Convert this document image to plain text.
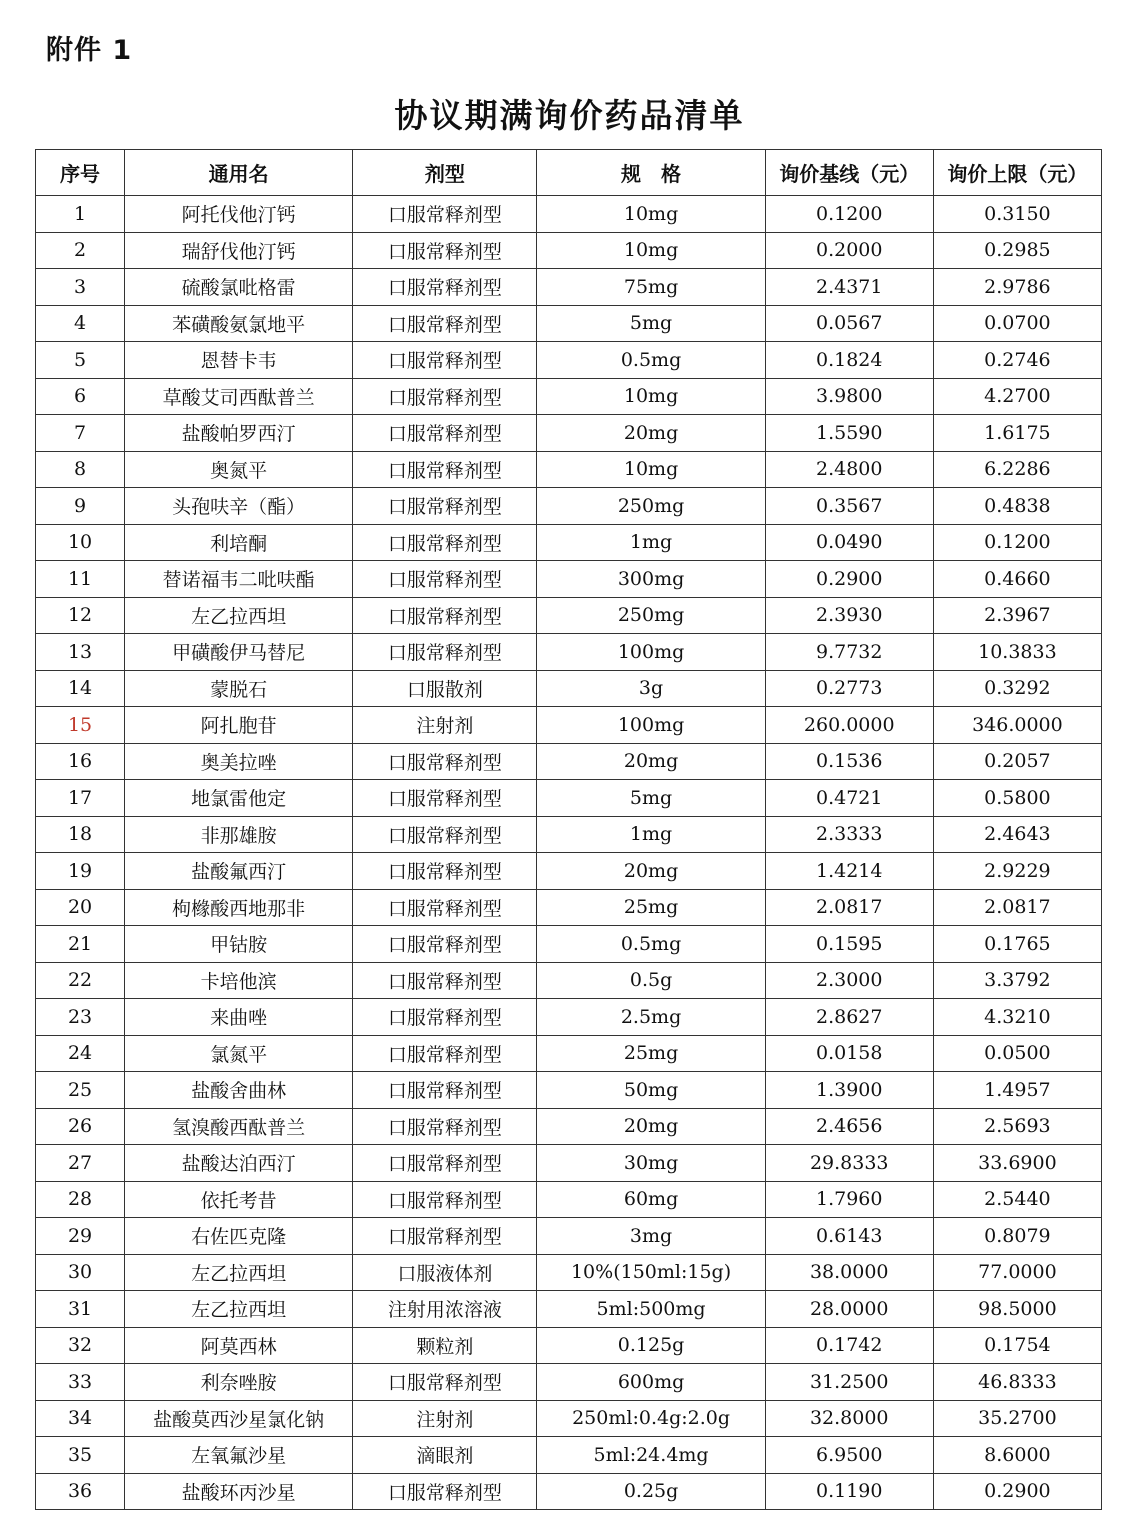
附件 1
协议期满询价药品清单
序号	通用名	剂型	规　格	询价基线（元）	询价上限（元）
1	阿托伐他汀钙	口服常释剂型	10mg	0.1200	0.3150
2	瑞舒伐他汀钙	口服常释剂型	10mg	0.2000	0.2985
3	硫酸氯吡格雷	口服常释剂型	75mg	2.4371	2.9786
4	苯磺酸氨氯地平	口服常释剂型	5mg	0.0567	0.0700
5	恩替卡韦	口服常释剂型	0.5mg	0.1824	0.2746
6	草酸艾司西酞普兰	口服常释剂型	10mg	3.9800	4.2700
7	盐酸帕罗西汀	口服常释剂型	20mg	1.5590	1.6175
8	奥氮平	口服常释剂型	10mg	2.4800	6.2286
9	头孢呋辛（酯）	口服常释剂型	250mg	0.3567	0.4838
10	利培酮	口服常释剂型	1mg	0.0490	0.1200
11	替诺福韦二吡呋酯	口服常释剂型	300mg	0.2900	0.4660
12	左乙拉西坦	口服常释剂型	250mg	2.3930	2.3967
13	甲磺酸伊马替尼	口服常释剂型	100mg	9.7732	10.3833
14	蒙脱石	口服散剂	3g	0.2773	0.3292
15	阿扎胞苷	注射剂	100mg	260.0000	346.0000
16	奥美拉唑	口服常释剂型	20mg	0.1536	0.2057
17	地氯雷他定	口服常释剂型	5mg	0.4721	0.5800
18	非那雄胺	口服常释剂型	1mg	2.3333	2.4643
19	盐酸氟西汀	口服常释剂型	20mg	1.4214	2.9229
20	枸橼酸西地那非	口服常释剂型	25mg	2.0817	2.0817
21	甲钴胺	口服常释剂型	0.5mg	0.1595	0.1765
22	卡培他滨	口服常释剂型	0.5g	2.3000	3.3792
23	来曲唑	口服常释剂型	2.5mg	2.8627	4.3210
24	氯氮平	口服常释剂型	25mg	0.0158	0.0500
25	盐酸舍曲林	口服常释剂型	50mg	1.3900	1.4957
26	氢溴酸西酞普兰	口服常释剂型	20mg	2.4656	2.5693
27	盐酸达泊西汀	口服常释剂型	30mg	29.8333	33.6900
28	依托考昔	口服常释剂型	60mg	1.7960	2.5440
29	右佐匹克隆	口服常释剂型	3mg	0.6143	0.8079
30	左乙拉西坦	口服液体剂	10%(150ml:15g)	38.0000	77.0000
31	左乙拉西坦	注射用浓溶液	5ml:500mg	28.0000	98.5000
32	阿莫西林	颗粒剂	0.125g	0.1742	0.1754
33	利奈唑胺	口服常释剂型	600mg	31.2500	46.8333
34	盐酸莫西沙星氯化钠	注射剂	250ml:0.4g:2.0g	32.8000	35.2700
35	左氧氟沙星	滴眼剂	5ml:24.4mg	6.9500	8.6000
36	盐酸环丙沙星	口服常释剂型	0.25g	0.1190	0.2900
